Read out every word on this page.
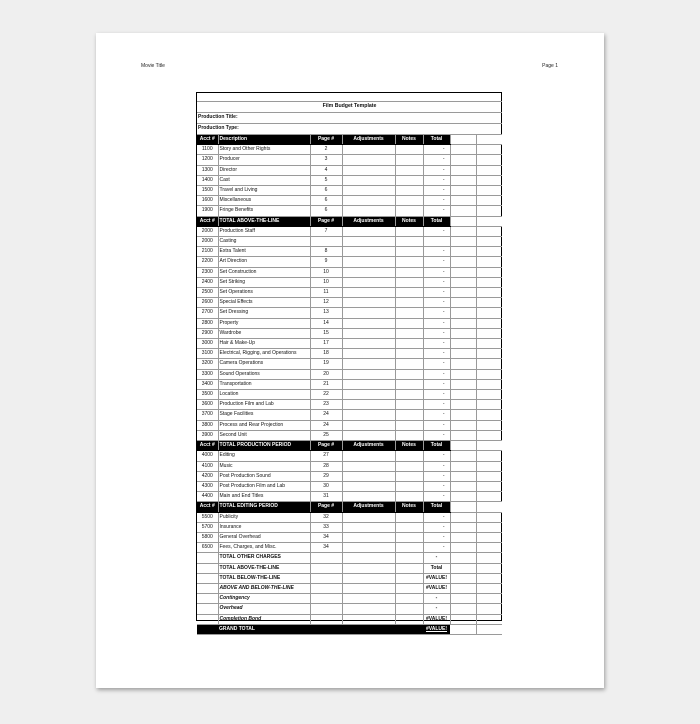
Movie Title	Page 1

Film Budget Template							
Production Title:							
Production Type:							
Acct #	Description	Page #	Adjustments	Notes	Total		
1100	Story and Other Rights	2			-		
1200	Producer	3			-		
1300	Director	4			-		
1400	Cast	5			-		
1500	Travel and Living	6			-		
1600	Miscellaneous	6			-		
1900	Fringe Benefits	6			-		
Acct #	TOTAL ABOVE-THE-LINE	Page #	Adjustments	Notes	Total		
2000	Production Staff	7			-		
2000	Casting						
2100	Extra Talent	8			-		
2200	Art Direction	9			-		
2300	Set Construction	10			-		
2400	Set Striking	10			-		
2500	Set Operations	11			-		
2600	Special Effects	12			-		
2700	Set Dressing	13			-		
2800	Property	14			-		
2900	Wardrobe	15			-		
3000	Hair & Make-Up	17			-		
3100	Electrical, Rigging, and Operations	18			-		
3200	Camera Operations	19			-		
3300	Sound Operations	20			-		
3400	Transportation	21			-		
3500	Location	22			-		
3600	Production Film and Lab	23			-		
3700	Stage Facilities	24			-		
3800	Process and Rear Projection	24			-		
3900	Second Unit	25			-		
Acct #	TOTAL PRODUCTION PERIOD	Page #	Adjustments	Notes	Total		
4000	Editing	27			-		
4100	Music	28			-		
4200	Post Production Sound	29			-		
4300	Post Production Film and Lab	30			-		
4400	Main and End Titles	31			-		
Acct #	TOTAL EDITING PERIOD	Page #	Adjustments	Notes	Total		
5500	Publicity	32			-		
5700	Insurance	33			-		
5800	General Overhead	34			-		
6500	Fees, Charges, and Misc.	34			-		
	TOTAL OTHER CHARGES				-		
	TOTAL ABOVE-THE-LINE				Total		
	TOTAL BELOW-THE-LINE				#VALUE!		
	ABOVE AND BELOW-THE-LINE				#VALUE!		
	Contingency				-		
	Overhead				-		
	Completion Bond				#VALUE!		
	GRAND TOTAL				#VALUE!		
